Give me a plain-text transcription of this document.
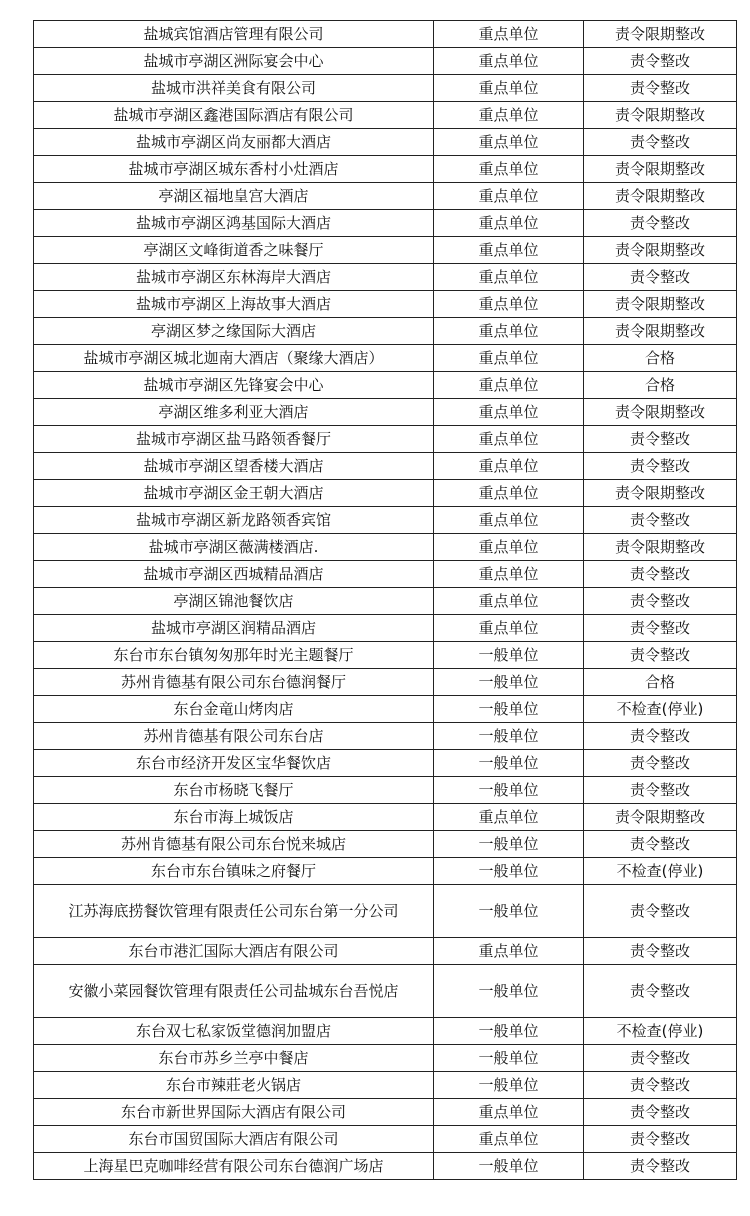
盐城宾馆酒店管理有限公司	重点单位	责令限期整改
盐城市亭湖区洲际宴会中心	重点单位	责令整改
盐城市洪祥美食有限公司	重点单位	责令整改
盐城市亭湖区鑫港国际酒店有限公司	重点单位	责令限期整改
盐城市亭湖区尚友丽都大酒店	重点单位	责令整改
盐城市亭湖区城东香村小灶酒店	重点单位	责令限期整改
亭湖区福地皇宫大酒店	重点单位	责令限期整改
盐城市亭湖区鸿基国际大酒店	重点单位	责令整改
亭湖区文峰街道香之味餐厅	重点单位	责令限期整改
盐城市亭湖区东林海岸大酒店	重点单位	责令整改
盐城市亭湖区上海故事大酒店	重点单位	责令限期整改
亭湖区梦之缘国际大酒店	重点单位	责令限期整改
盐城市亭湖区城北迦南大酒店（聚缘大酒店）	重点单位	合格
盐城市亭湖区先锋宴会中心	重点单位	合格
亭湖区维多利亚大酒店	重点单位	责令限期整改
盐城市亭湖区盐马路领香餐厅	重点单位	责令整改
盐城市亭湖区望香楼大酒店	重点单位	责令整改
盐城市亭湖区金王朝大酒店	重点单位	责令限期整改
盐城市亭湖区新龙路领香宾馆	重点单位	责令整改
盐城市亭湖区薇满楼酒店.	重点单位	责令限期整改
盐城市亭湖区西城精品酒店	重点单位	责令整改
亭湖区锦池餐饮店	重点单位	责令整改
盐城市亭湖区润精品酒店	重点单位	责令整改
东台市东台镇匆匆那年时光主题餐厅	一般单位	责令整改
苏州肯德基有限公司东台德润餐厅	一般单位	合格
东台金竜山烤肉店	一般单位	不检查(停业)
苏州肯德基有限公司东台店	一般单位	责令整改
东台市经济开发区宝华餐饮店	一般单位	责令整改
东台市杨晓飞餐厅	一般单位	责令整改
东台市海上城饭店	重点单位	责令限期整改
苏州肯德基有限公司东台悦来城店	一般单位	责令整改
东台市东台镇味之府餐厅	一般单位	不检查(停业)
江苏海底捞餐饮管理有限责任公司东台第一分公司	一般单位	责令整改
东台市港汇国际大酒店有限公司	重点单位	责令整改
安徽小菜园餐饮管理有限责任公司盐城东台吾悦店	一般单位	责令整改
东台双七私家饭堂德润加盟店	一般单位	不检查(停业)
东台市苏乡兰亭中餐店	一般单位	责令整改
东台市辣莊老火锅店	一般单位	责令整改
东台市新世界国际大酒店有限公司	重点单位	责令整改
东台市国贸国际大酒店有限公司	重点单位	责令整改
上海星巴克咖啡经营有限公司东台德润广场店	一般单位	责令整改
